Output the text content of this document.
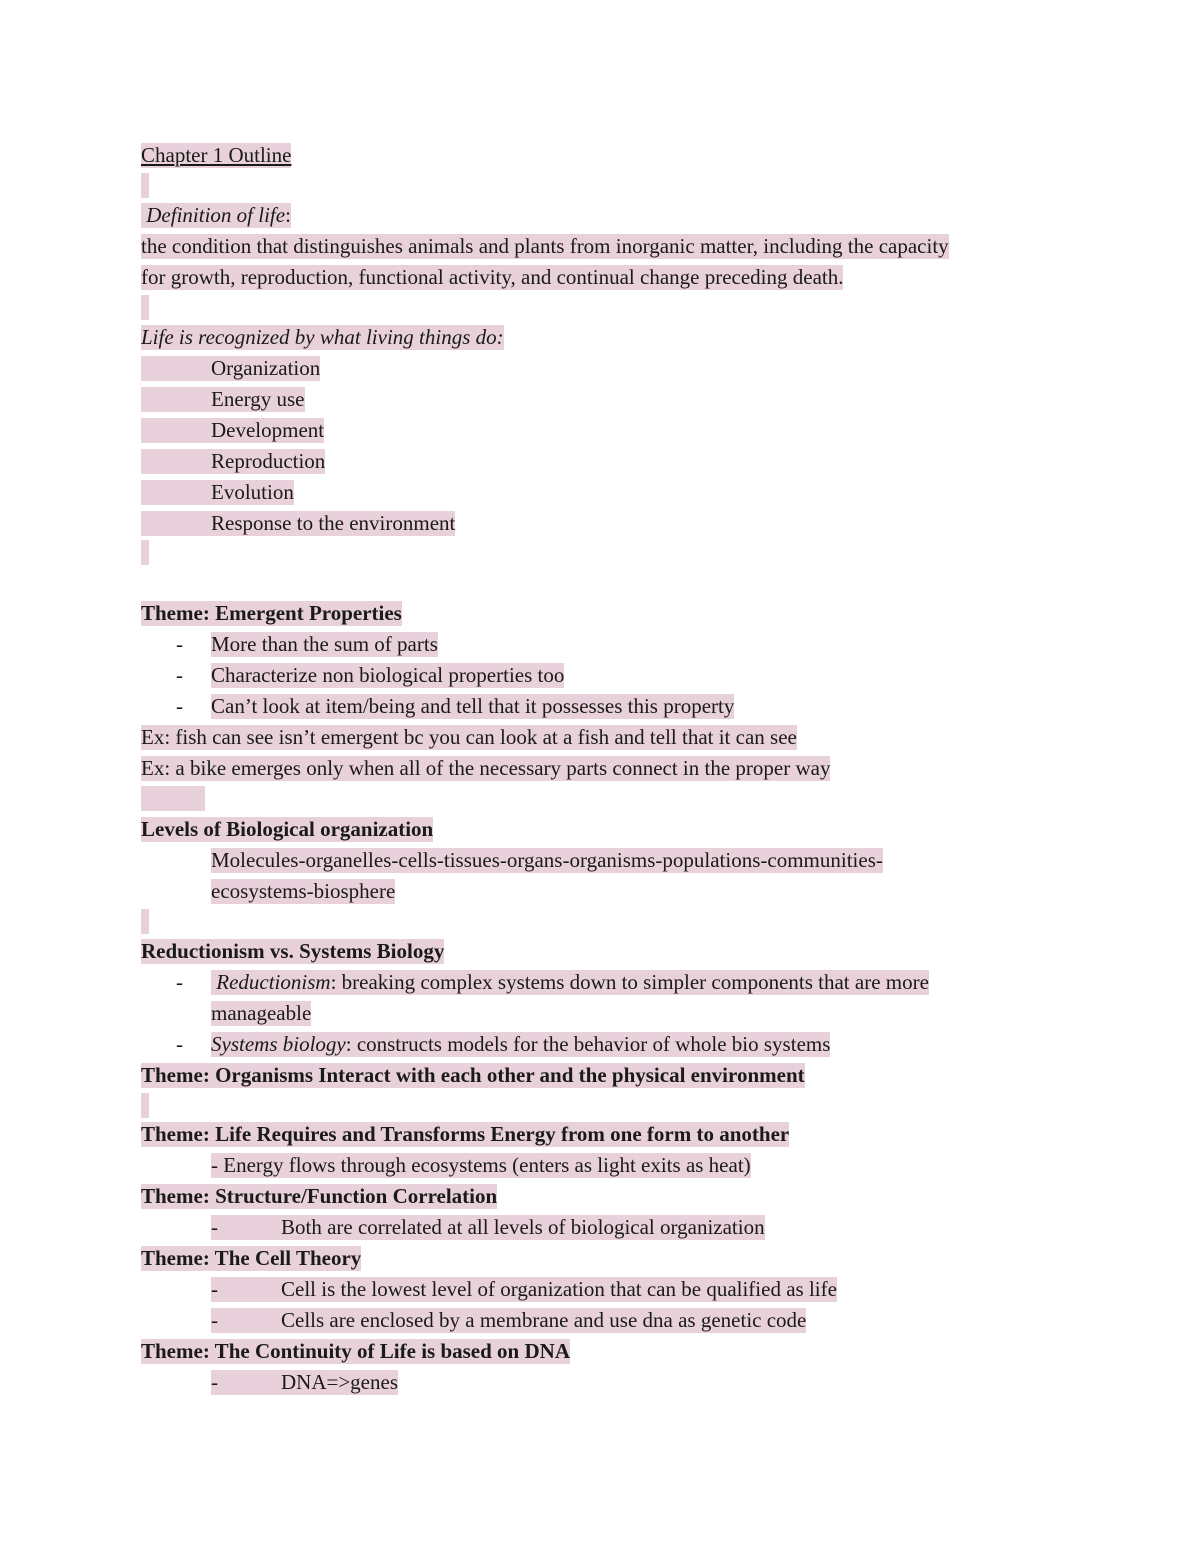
Chapter 1 Outline
Definition of life:
the condition that distinguishes animals and plants from inorganic matter, including the capacity
for growth, reproduction, functional activity, and continual change preceding death.
Life is recognized by what living things do:
Organization
Energy use
Development
Reproduction
Evolution
Response to the environment
Theme: Emergent Properties
- More than the sum of parts
- Characterize non biological properties too
- Can’t look at item/being and tell that it possesses this property
Ex: fish can see isn’t emergent bc you can look at a fish and tell that it can see
Ex: a bike emerges only when all of the necessary parts connect in the proper way
Levels of Biological organization
Molecules-organelles-cells-tissues-organs-organisms-populations-communities-
ecosystems-biosphere
Reductionism vs. Systems Biology
- Reductionism: breaking complex systems down to simpler components that are more
manageable
- Systems biology: constructs models for the behavior of whole bio systems
Theme: Organisms Interact with each other and the physical environment
Theme: Life Requires and Transforms Energy from one form to another
- Energy flows through ecosystems (enters as light exits as heat)
Theme: Structure/Function Correlation
-	Both are correlated at all levels of biological organization
Theme: The Cell Theory
-	Cell is the lowest level of organization that can be qualified as life
-	Cells are enclosed by a membrane and use dna as genetic code
Theme: The Continuity of Life is based on DNA
-	DNA=>genes
